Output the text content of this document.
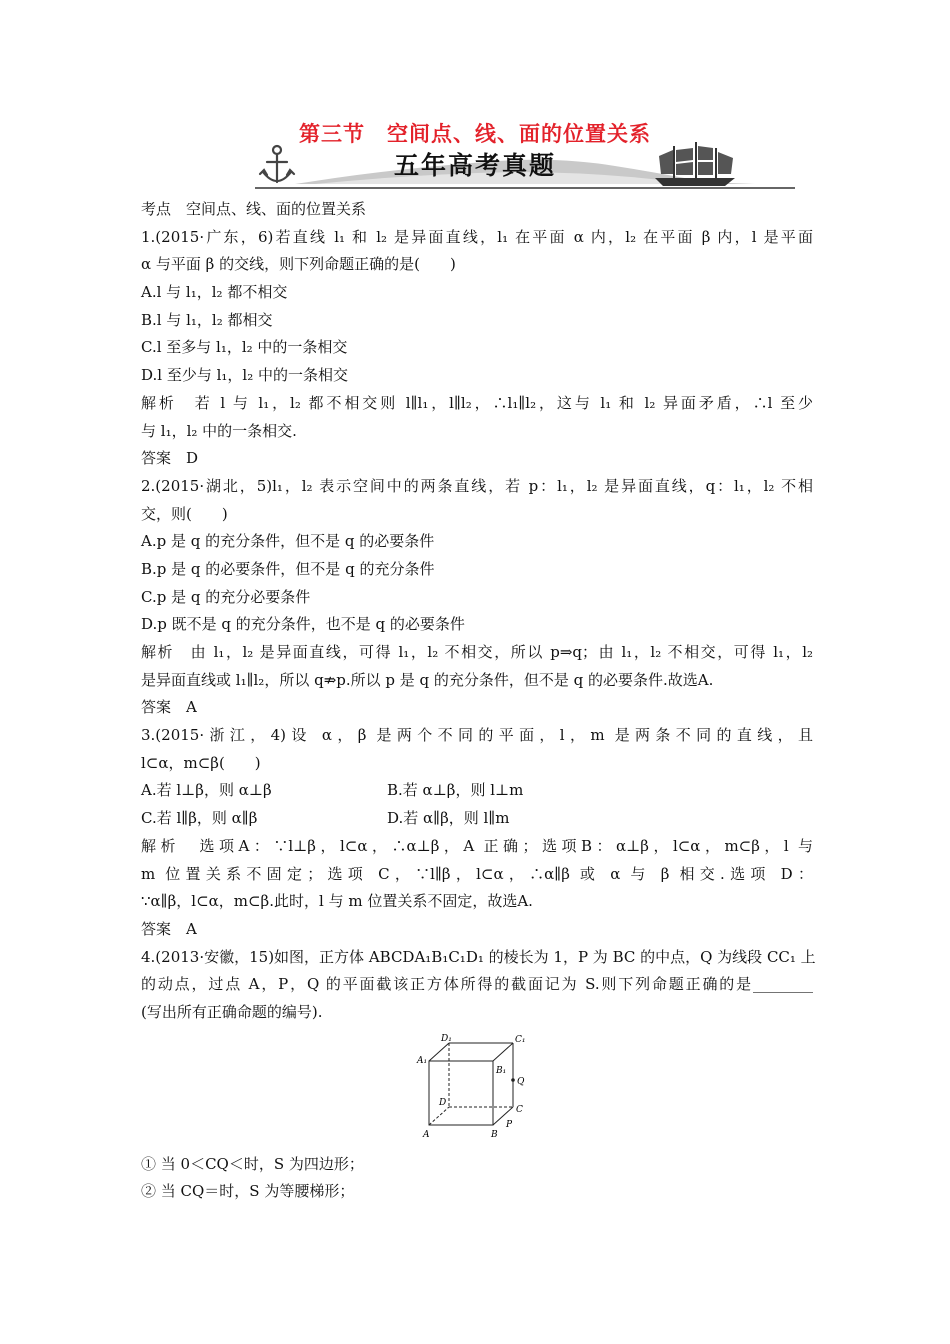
第三节　空间点、线、面的位置关系
五年高考真题
考点　空间点、线、面的位置关系
1.(2015·广东，6)若直线 l₁ 和 l₂ 是异面直线，l₁ 在平面 α 内，l₂ 在平面 β 内，l 是平面
α 与平面 β 的交线，则下列命题正确的是(　　)
A.l 与 l₁，l₂ 都不相交
B.l 与 l₁，l₂ 都相交
C.l 至多与 l₁，l₂ 中的一条相交
D.l 至少与 l₁，l₂ 中的一条相交
解析　若 l 与 l₁，l₂ 都不相交则 l∥l₁，l∥l₂，∴l₁∥l₂，这与 l₁ 和 l₂ 异面矛盾，∴l 至少
与 l₁，l₂ 中的一条相交.
答案　D
2.(2015·湖北，5)l₁，l₂ 表示空间中的两条直线，若 p：l₁，l₂ 是异面直线，q：l₁，l₂ 不相
交，则(　　)
A.p 是 q 的充分条件，但不是 q 的必要条件
B.p 是 q 的必要条件，但不是 q 的充分条件
C.p 是 q 的充分必要条件
D.p 既不是 q 的充分条件，也不是 q 的必要条件
解析　由 l₁，l₂ 是异面直线，可得 l₁，l₂ 不相交，所以 p⇒q；由 l₁，l₂ 不相交，可得 l₁，l₂
是异面直线或 l₁∥l₂，所以 q⇏p.所以 p 是 q 的充分条件，但不是 q 的必要条件.故选A.
答案　A
3.(2015·浙江，4)设 α，β 是两个不同的平面，l，m 是两条不同的直线，且
l⊂α，m⊂β(　　)
A.若 l⊥β，则 α⊥β	B.若 α⊥β，则 l⊥m
C.若 l∥β，则 α∥β	D.若 α∥β，则 l∥m
解析　选项A：∵l⊥β，l⊂α，∴α⊥β，A 正确；选项B：α⊥β，l⊂α，m⊂β，l 与
m 位置关系不固定；选项 C，∵l∥β，l⊂α，∴α∥β 或 α 与 β 相交.选项 D：
∵α∥β，l⊂α，m⊂β.此时，l 与 m 位置关系不固定，故选A.
答案　A
4.(2013·安徽，15)如图，正方体 ABCDA₁B₁C₁D₁ 的棱长为 1，P 为 BC 的中点，Q 为线段 CC₁ 上
的动点，过点 A，P，Q 的平面截该正方体所得的截面记为 S.则下列命题正确的是________
(写出所有正确命题的编号).
D₁	C₁
A₁
B₁
Q
D
C
A	B
P
① 当 0＜CQ＜时，S 为四边形；
② 当 CQ＝时，S 为等腰梯形；
